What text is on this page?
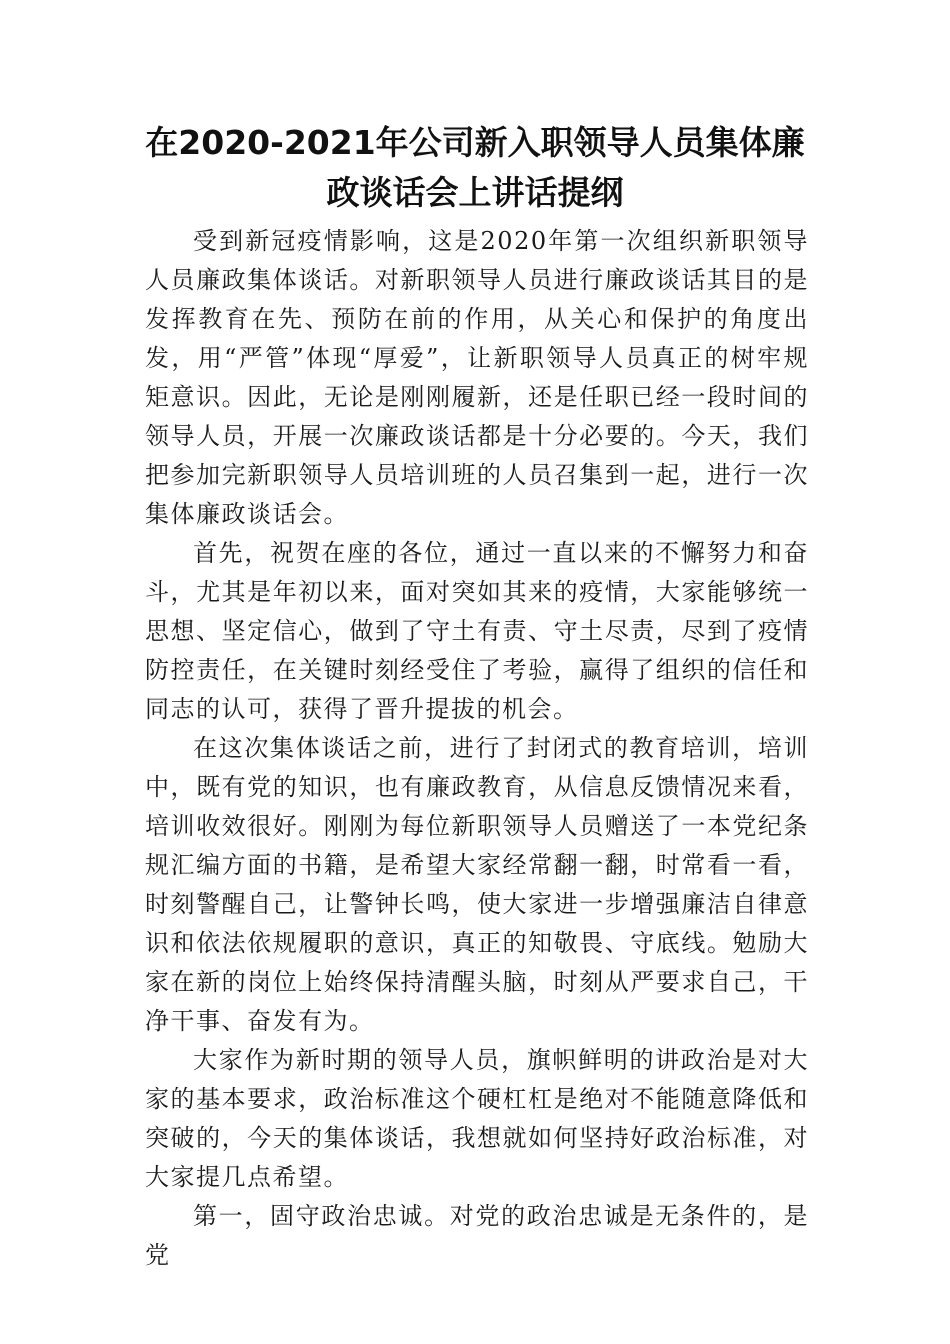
在2020-2021年公司新入职领导人员集体廉
政谈话会上讲话提纲

受到新冠疫情影响，这是2020年第一次组织新职领导人员廉政集体谈话。对新职领导人员进行廉政谈话其目的是发挥教育在先、预防在前的作用，从关心和保护的角度出发，用“严管”体现“厚爱”，让新职领导人员真正的树牢规矩意识。因此，无论是刚刚履新，还是任职已经一段时间的领导人员，开展一次廉政谈话都是十分必要的。今天，我们把参加完新职领导人员培训班的人员召集到一起，进行一次集体廉政谈话会。

首先，祝贺在座的各位，通过一直以来的不懈努力和奋斗，尤其是年初以来，面对突如其来的疫情，大家能够统一思想、坚定信心，做到了守土有责、守土尽责，尽到了疫情防控责任，在关键时刻经受住了考验，赢得了组织的信任和同志的认可，获得了晋升提拔的机会。

在这次集体谈话之前，进行了封闭式的教育培训，培训中，既有党的知识，也有廉政教育，从信息反馈情况来看，培训收效很好。刚刚为每位新职领导人员赠送了一本党纪条规汇编方面的书籍，是希望大家经常翻一翻，时常看一看，时刻警醒自己，让警钟长鸣，使大家进一步增强廉洁自律意识和依法依规履职的意识，真正的知敬畏、守底线。勉励大家在新的岗位上始终保持清醒头脑，时刻从严要求自己，干净干事、奋发有为。

大家作为新时期的领导人员，旗帜鲜明的讲政治是对大家的基本要求，政治标准这个硬杠杠是绝对不能随意降低和突破的，今天的集体谈话，我想就如何坚持好政治标准，对大家提几点希望。

第一，固守政治忠诚。对党的政治忠诚是无条件的，是党
